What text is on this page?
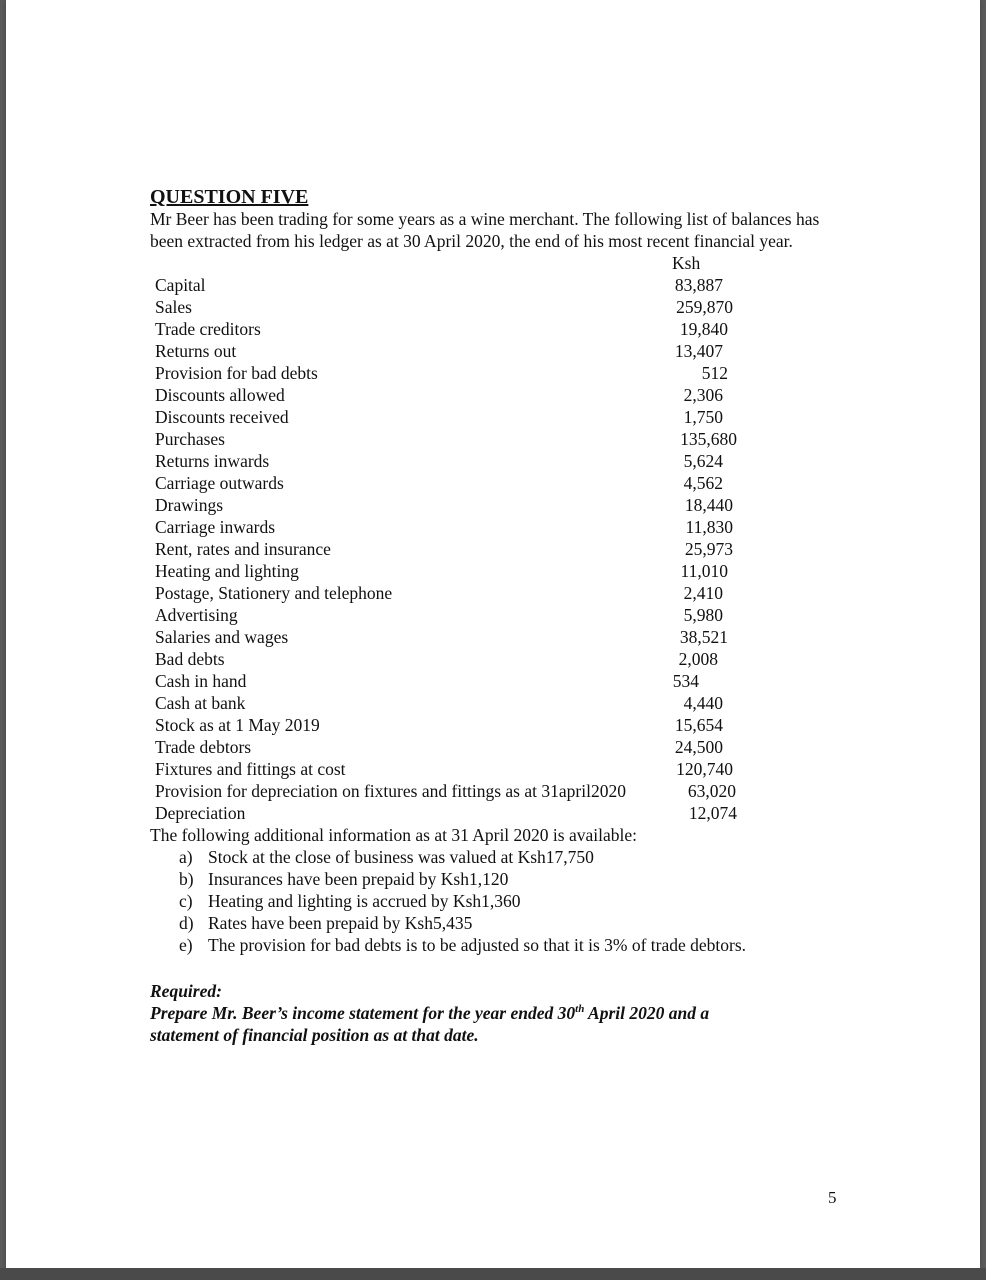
QUESTION FIVE

Mr Beer has been trading for some years as a wine merchant. The following list of balances has been extracted from his ledger as at 30 April 2020, the end of his most recent financial year.

Ksh
Capital	83,887
Sales	259,870
Trade creditors	19,840
Returns out	13,407
Provision for bad debts	512
Discounts allowed	2,306
Discounts received	1,750
Purchases	135,680
Returns inwards	5,624
Carriage outwards	4,562
Drawings	18,440
Carriage inwards	11,830
Rent, rates and insurance	25,973
Heating and lighting	11,010
Postage, Stationery and telephone	2,410
Advertising	5,980
Salaries and wages	38,521
Bad debts	2,008
Cash in hand	534
Cash at bank	4,440
Stock as at 1 May 2019	15,654
Trade debtors	24,500
Fixtures and fittings at cost	120,740
Provision for depreciation on fixtures and fittings as at 31april2020	63,020
Depreciation	12,074

The following additional information as at 31 April 2020 is available:

a) Stock at the close of business was valued at Ksh17,750
b) Insurances have been prepaid by Ksh1,120
c) Heating and lighting is accrued by Ksh1,360
d) Rates have been prepaid by Ksh5,435
e) The provision for bad debts is to be adjusted so that it is 3% of trade debtors.

Required:

Prepare Mr. Beer’s income statement for the year ended 30th April 2020 and a

statement of financial position as at that date.

5
